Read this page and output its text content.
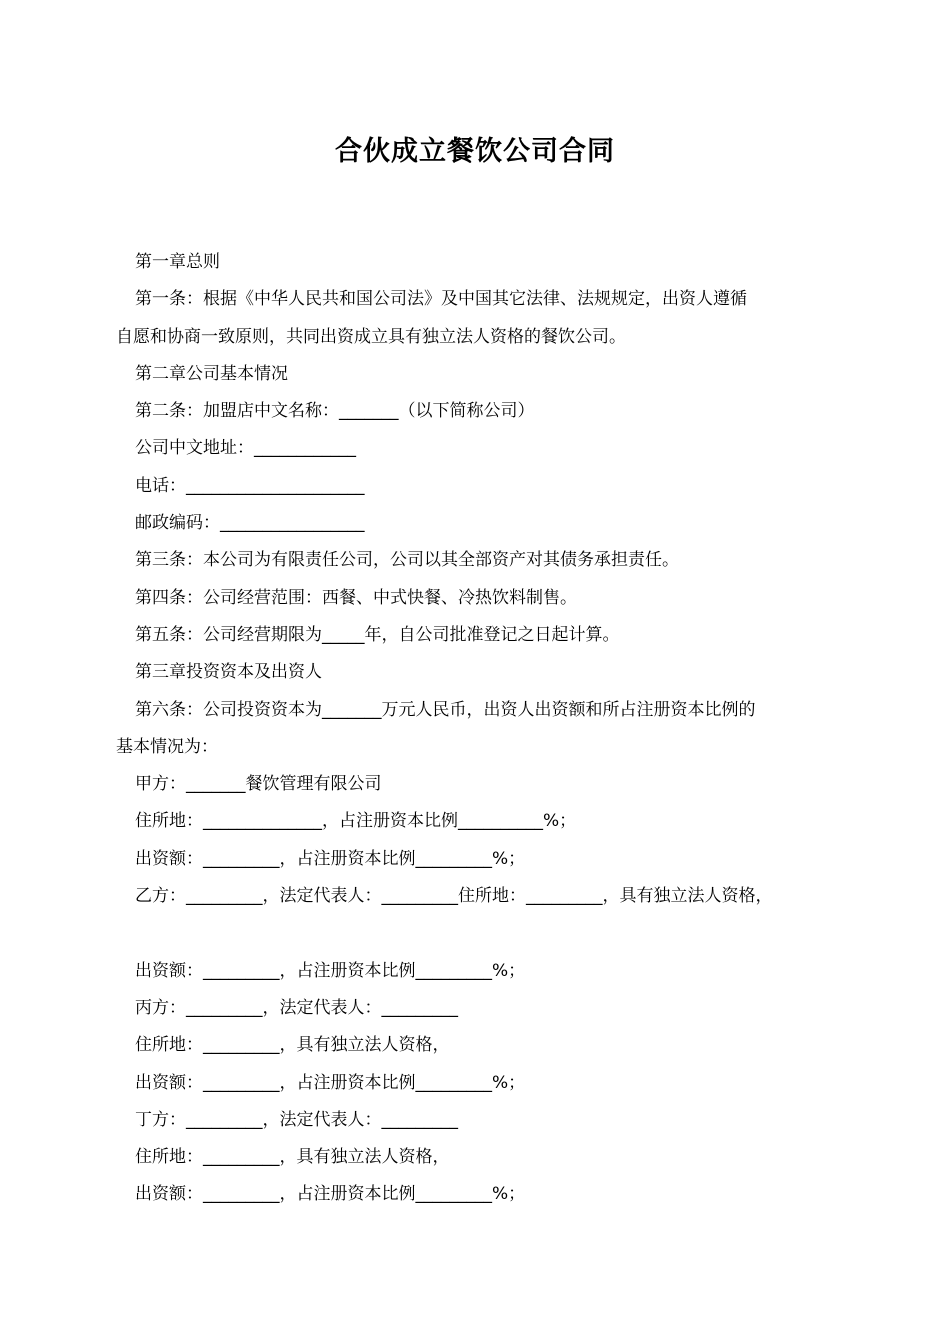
合伙成立餐饮公司合同

第一章总则

第一条：根据《中华人民共和国公司法》及中国其它法律、法规规定，出资人遵循

自愿和协商一致原则，共同出资成立具有独立法人资格的餐饮公司。

第二章公司基本情况

第二条：加盟店中文名称：_______（以下简称公司）

公司中文地址：____________

电话：_____________________

邮政编码：_________________

第三条：本公司为有限责任公司，公司以其全部资产对其债务承担责任。

第四条：公司经营范围：西餐、中式快餐、冷热饮料制售。

第五条：公司经营期限为_____年，自公司批准登记之日起计算。

第三章投资资本及出资人

第六条：公司投资资本为_______万元人民币，出资人出资额和所占注册资本比例的

基本情况为：

甲方：_______餐饮管理有限公司

住所地：______________，占注册资本比例__________%；

出资额：_________，占注册资本比例_________%；

乙方：_________，法定代表人：_________住所地：_________，具有独立法人资格，

出资额：_________，占注册资本比例_________%；

丙方：_________，法定代表人：_________

住所地：_________，具有独立法人资格，

出资额：_________，占注册资本比例_________%；

丁方：_________，法定代表人：_________

住所地：_________，具有独立法人资格，

出资额：_________，占注册资本比例_________%；
